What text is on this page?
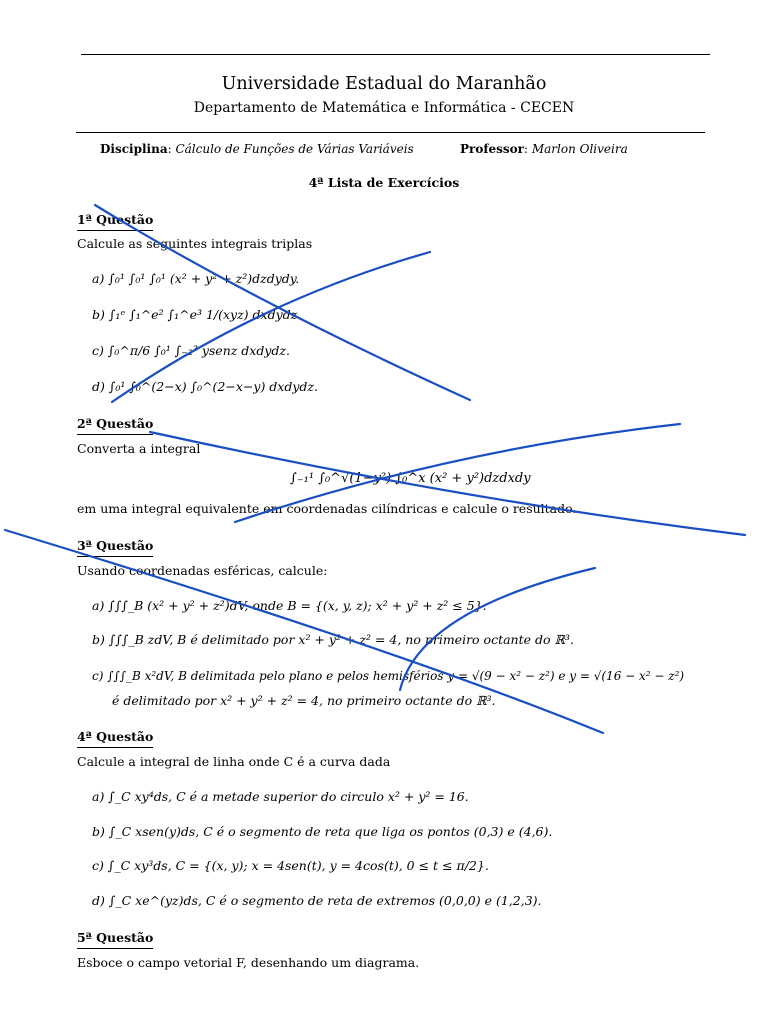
Universidade Estadual do Maranhão
Departamento de Matemática e Informática - CECEN
Disciplina: Cálculo de Funções de Várias Variáveis	Professor: Marlon Oliveira
4ª Lista de Exercícios
1ª Questão
Calcule as seguintes integrais triplas
a) ∫₀¹ ∫₀¹ ∫₀¹ (x² + y² + z²)dzdydy.
b) ∫₁ᵉ ∫₁^e² ∫₁^e³ 1/(xyz) dxdydz
c) ∫₀^π/6 ∫₀¹ ∫₋₂³ ysenz dxdydz.
d) ∫₀¹ ∫₀^(2−x) ∫₀^(2−x−y) dxdydz.
2ª Questão
Converta a integral
∫₋₁¹ ∫₀^√(1−y²) ∫₀^x (x² + y²)dzdxdy
em uma integral equivalente em coordenadas cilíndricas e calcule o resultado.
3ª Questão
Usando coordenadas esféricas, calcule:
a) ∫∫∫_B (x² + y² + z²)dV, onde B = {(x, y, z); x² + y² + z² ≤ 5}.
b) ∫∫∫_B zdV, B é delimitado por x² + y² + z² = 4, no primeiro octante do ℝ³.
c) ∫∫∫_B x²dV, B delimitada pelo plano e pelos hemisférios y = √(9 − x² − z²) e y = √(16 − x² − z²)
é delimitado por x² + y² + z² = 4, no primeiro octante do ℝ³.
4ª Questão
Calcule a integral de linha onde C é a curva dada
a) ∫_C xy⁴ds, C é a metade superior do circulo x² + y² = 16.
b) ∫_C xsen(y)ds, C é o segmento de reta que liga os pontos (0,3) e (4,6).
c) ∫_C xy³ds, C = {(x, y); x = 4sen(t), y = 4cos(t), 0 ≤ t ≤ π/2}.
d) ∫_C xe^(yz)ds, C é o segmento de reta de extremos (0,0,0) e (1,2,3).
5ª Questão
Esboce o campo vetorial F, desenhando um diagrama.
